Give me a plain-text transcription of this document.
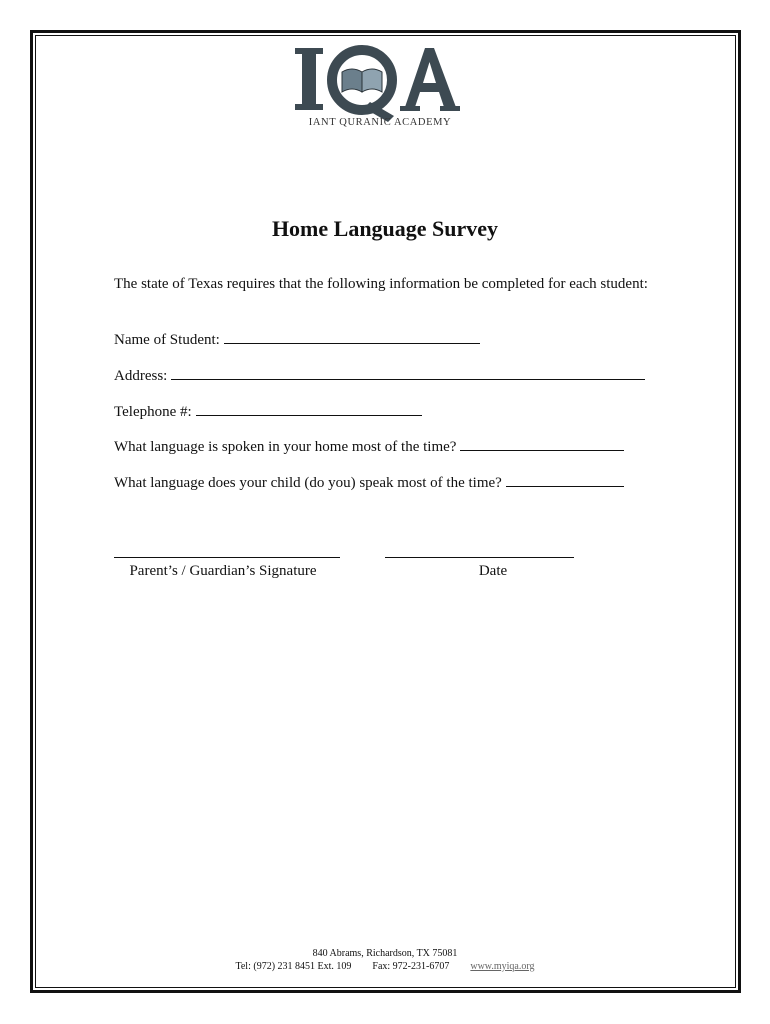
IANT QURANIC ACADEMY
Home Language Survey
The state of Texas requires that the following information be completed for each student:
Name of Student:
Address:
Telephone #:
What language is spoken in your home most of the time?
What language does your child (do you) speak most of the time?
Parent’s / Guardian’s Signature	Date
840 Abrams, Richardson, TX 75081
Tel: (972) 231 8451 Ext. 109 Fax: 972-231-6707 www.myiqa.org
